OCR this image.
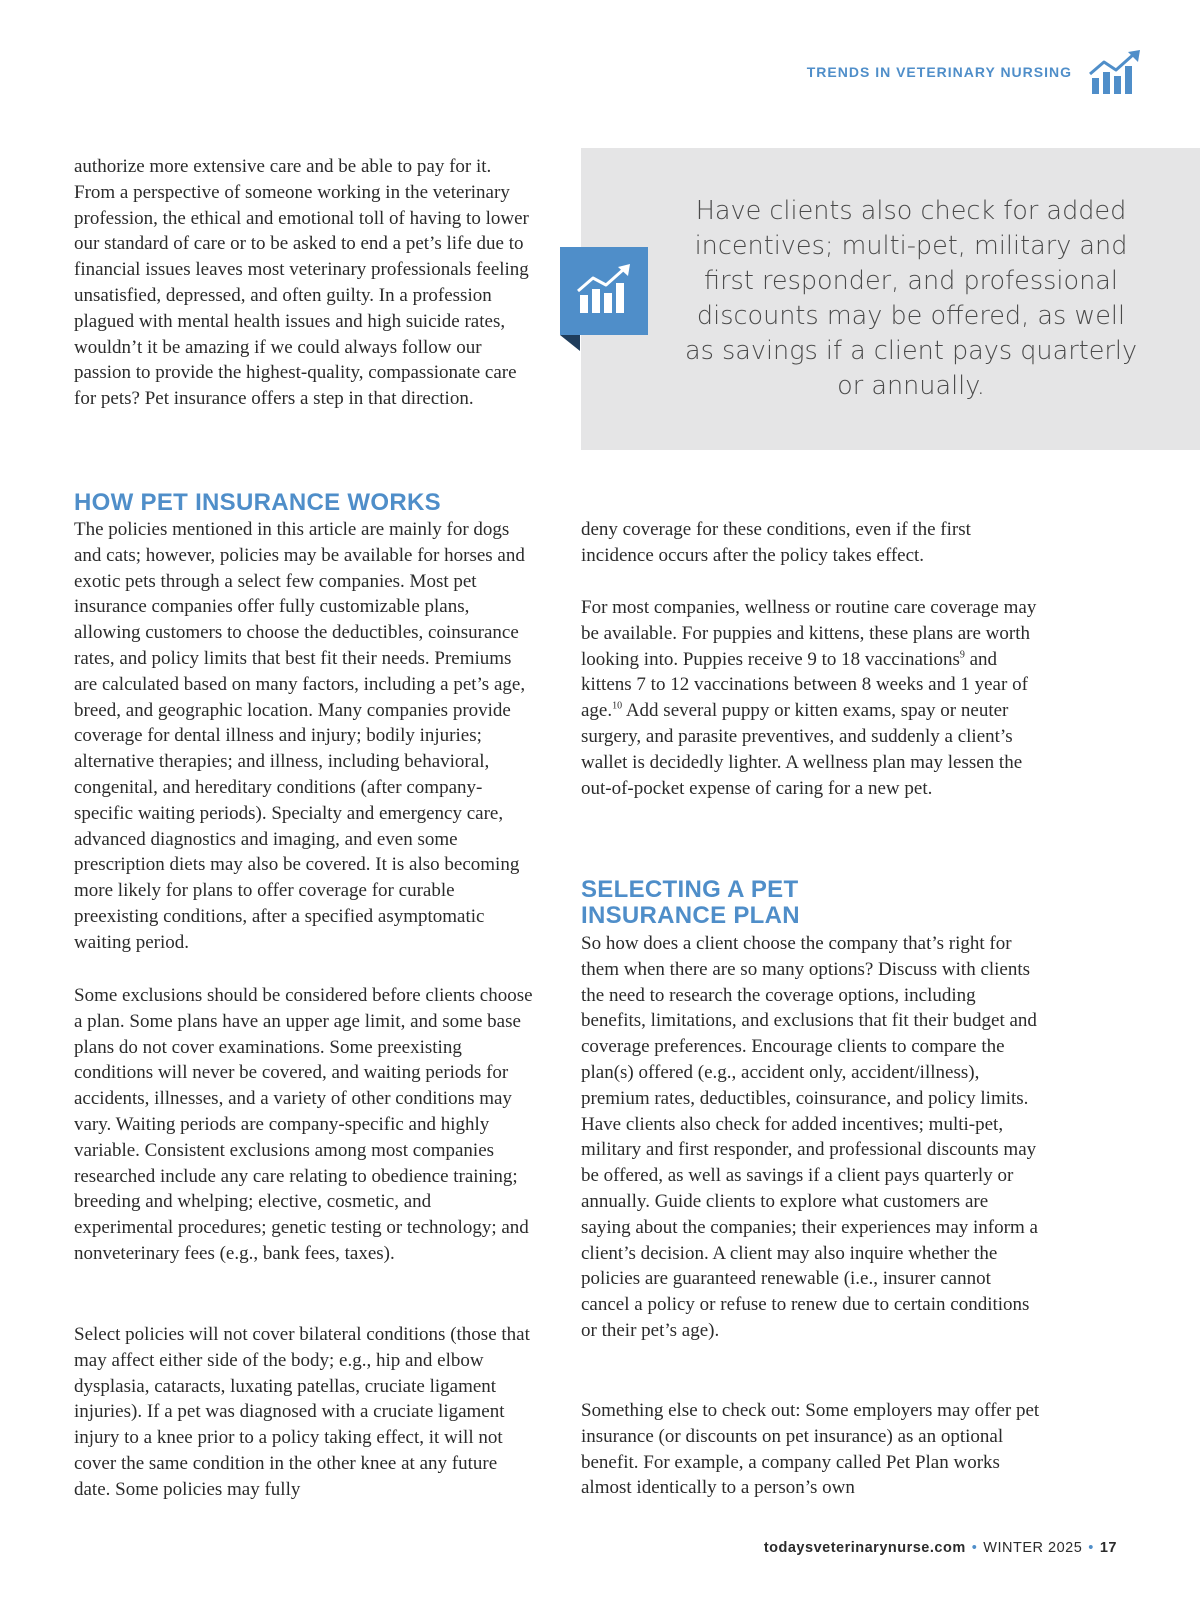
TRENDS IN VETERINARY NURSING

authorize more extensive care and be able to pay for it. From a perspective of someone working in the veterinary profession, the ethical and emotional toll of having to lower our standard of care or to be asked to end a pet’s life due to financial issues leaves most veterinary professionals feeling unsatisfied, depressed, and often guilty. In a profession plagued with mental health issues and high suicide rates, wouldn’t it be amazing if we could always follow our passion to provide the highest-quality, compassionate care for pets? Pet insurance offers a step in that direction.

Have clients also check for added incentives; multi-pet, military and first responder, and professional discounts may be offered, as well as savings if a client pays quarterly or annually.

HOW PET INSURANCE WORKS

The policies mentioned in this article are mainly for dogs and cats; however, policies may be available for horses and exotic pets through a select few companies. Most pet insurance companies offer fully customizable plans, allowing customers to choose the deductibles, coinsurance rates, and policy limits that best fit their needs. Premiums are calculated based on many factors, including a pet’s age, breed, and geographic location. Many companies provide coverage for dental illness and injury; bodily injuries; alternative therapies; and illness, including behavioral, congenital, and hereditary conditions (after company-specific waiting periods). Specialty and emergency care, advanced diagnostics and imaging, and even some prescription diets may also be covered. It is also becoming more likely for plans to offer coverage for curable preexisting conditions, after a specified asymptomatic waiting period.

Some exclusions should be considered before clients choose a plan. Some plans have an upper age limit, and some base plans do not cover examinations. Some preexisting conditions will never be covered, and waiting periods for accidents, illnesses, and a variety of other conditions may vary. Waiting periods are company-specific and highly variable. Consistent exclusions among most companies researched include any care relating to obedience training; breeding and whelping; elective, cosmetic, and experimental procedures; genetic testing or technology; and nonveterinary fees (e.g., bank fees, taxes).

Select policies will not cover bilateral conditions (those that may affect either side of the body; e.g., hip and elbow dysplasia, cataracts, luxating patellas, cruciate ligament injuries). If a pet was diagnosed with a cruciate ligament injury to a knee prior to a policy taking effect, it will not cover the same condition in the other knee at any future date. Some policies may fully

deny coverage for these conditions, even if the first incidence occurs after the policy takes effect.

For most companies, wellness or routine care coverage may be available. For puppies and kittens, these plans are worth looking into. Puppies receive 9 to 18 vaccinations$^9$ and kittens 7 to 12 vaccinations between 8 weeks and 1 year of age.$^{10}$ Add several puppy or kitten exams, spay or neuter surgery, and parasite preventives, and suddenly a client’s wallet is decidedly lighter. A wellness plan may lessen the out-of-pocket expense of caring for a new pet.

SELECTING A PET
INSURANCE PLAN

So how does a client choose the company that’s right for them when there are so many options? Discuss with clients the need to research the coverage options, including benefits, limitations, and exclusions that fit their budget and coverage preferences. Encourage clients to compare the plan(s) offered (e.g., accident only, accident/illness), premium rates, deductibles, coinsurance, and policy limits. Have clients also check for added incentives; multi-pet, military and first responder, and professional discounts may be offered, as well as savings if a client pays quarterly or annually. Guide clients to explore what customers are saying about the companies; their experiences may inform a client’s decision. A client may also inquire whether the policies are guaranteed renewable (i.e., insurer cannot cancel a policy or refuse to renew due to certain conditions or their pet’s age).

Something else to check out: Some employers may offer pet insurance (or discounts on pet insurance) as an optional benefit. For example, a company called Pet Plan works almost identically to a person’s own

todaysveterinarynurse.com • WINTER 2025 • 17
